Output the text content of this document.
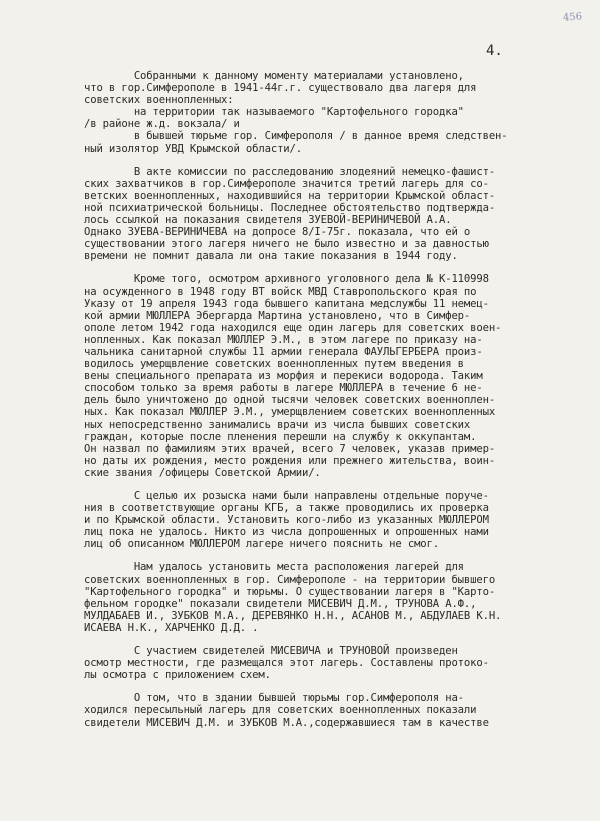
456
4.
Собранными к данному моменту материалами установлено,
что в гор.Симферополе в 1941-44г.г. существовало два лагеря для
советских военнопленных:
на территории так называемого "Картофельного городка"
/в районе ж.д. вокзала/ и
в бывшей тюрьме гор. Симферополя / в данное время следствен-
ный изолятор УВД Крымской области/.
В акте комиссии по расследованию злодеяний немецко-фашист-
ских захватчиков в гор.Симферополе значится третий лагерь для со-
ветских военнопленных, находившийся на территории Крымской област-
ной психиатрической больницы. Последнее обстоятельство подтвержда-
лось ссылкой на показания свидетеля ЗУЕВОЙ-ВЕРИНИЧЕВОЙ А.А.
Однако ЗУЕВА-ВЕРИНИЧЕВА на допросе 8/I-75г. показала, что ей о
существовании этого лагеря ничего не было известно и за давностью
времени не помнит давала ли она такие показания в 1944 году.
Кроме того, осмотром архивного уголовного дела № К-110998
на осужденного в 1948 году ВТ войск МВД Ставропольского края по
Указу от 19 апреля 1943 года бывшего капитана медслужбы 11 немец-
кой армии МЮЛЛЕРА Эбергарда Мартина установлено, что в Симфер-
ополе летом 1942 года находился еще один лагерь для советских воен-
нопленных. Как показал МЮЛЛЕР Э.М., в этом лагере по приказу на-
чальника санитарной службы 11 армии генерала ФАУЛЬГЕРБЕРА произ-
водилось умерщвление советских военнопленных путем введения в
вены специального препарата из морфия и перекиси водорода. Таким
способом только за время работы в лагере МЮЛЛЕРА в течение 6 не-
дель было уничтожено до одной тысячи человек советских военноплен-
ных. Как показал МЮЛЛЕР Э.М., умерщвлением советских военнопленных
ных непосредственно занимались врачи из числа бывших советских
граждан, которые после пленения перешли на службу к оккупантам.
Он назвал по фамилиям этих врачей, всего 7 человек, указав пример-
но даты их рождения, место рождения или прежнего жительства, воин-
ские звания /офицеры Советской Армии/.
С целью их розыска нами были направлены отдельные поруче-
ния в соответствующие органы КГБ, а также проводились их проверка
и по Крымской области. Установить кого-либо из указанных МЮЛЛЕРОМ
лиц пока не удалось. Никто из числа допрошенных и опрошенных нами
лиц об описанном МЮЛЛЕРОМ лагере ничего пояснить не смог.
Нам удалось установить места расположения лагерей для
советских военнопленных в гор. Симферополе - на территории бывшего
"Картофельного городка" и тюрьмы. О существовании лагеря в "Карто-
фельном городке" показали свидетели МИСЕВИЧ Д.М., ТРУНОВА А.Ф.,
МУЛДАБАЕВ И., ЗУБКОВ М.А., ДЕРЕВЯНКО Н.Н., АСАНОВ М., АБДУЛАЕВ К.Н.
ИСАЕВА Н.К., ХАРЧЕНКО Д.Д. .
С участием свидетелей МИСЕВИЧА и ТРУНОВОЙ произведен
осмотр местности, где размещался этот лагерь. Составлены протоко-
лы осмотра с приложением схем.
О том, что в здании бывшей тюрьмы гор.Симферополя на-
ходился пересыльный лагерь для советских военнопленных показали
свидетели МИСЕВИЧ Д.М. и ЗУБКОВ М.А.,содержавшиеся там в качестве
